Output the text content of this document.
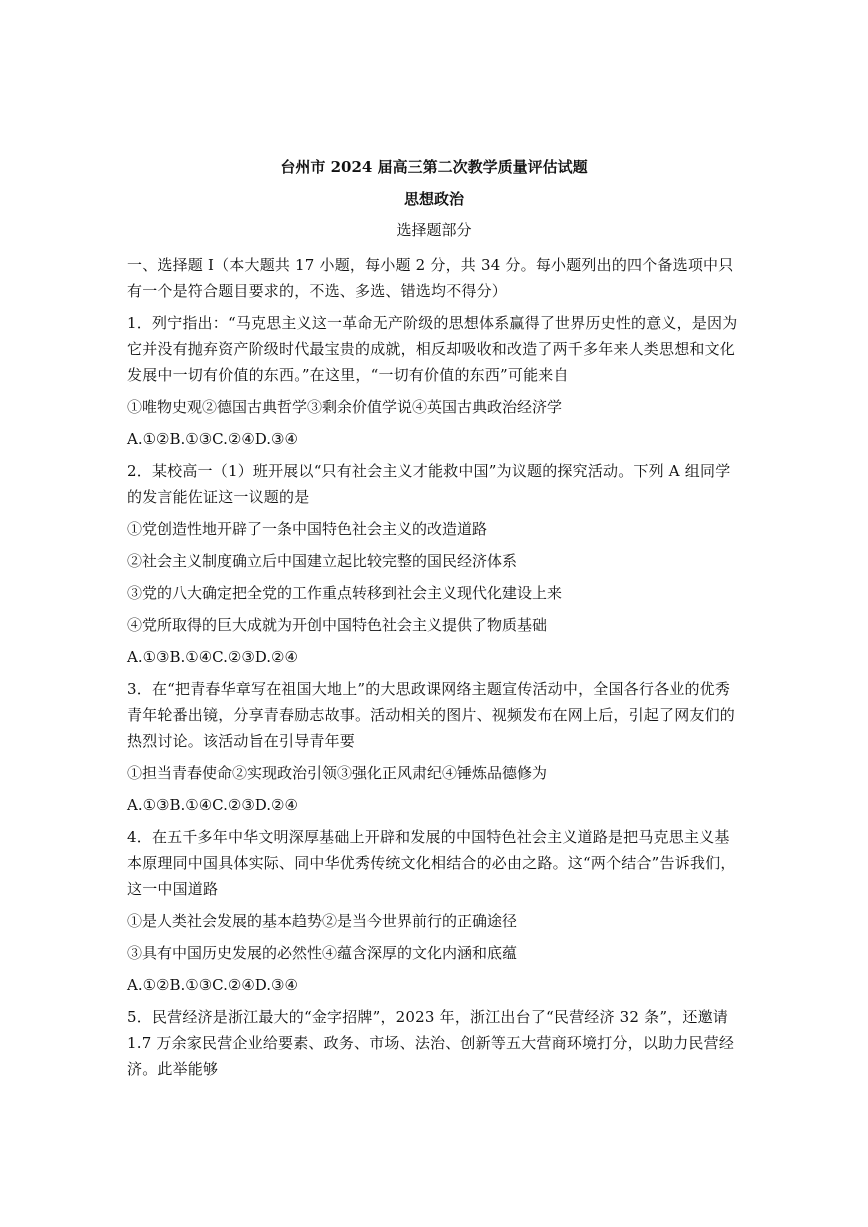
台州市 2024 届高三第二次教学质量评估试题
思想政治
选择题部分

一、选择题 I（本大题共 17 小题，每小题 2 分，共 34 分。每小题列出的四个备选项中只有一个是符合题目要求的，不选、多选、错选均不得分）

1．列宁指出：“马克思主义这一革命无产阶级的思想体系赢得了世界历史性的意义，是因为它并没有抛弃资产阶级时代最宝贵的成就，相反却吸收和改造了两千多年来人类思想和文化发展中一切有价值的东西。”在这里，“一切有价值的东西”可能来自

①唯物史观②德国古典哲学③剩余价值学说④英国古典政治经济学

A.①②B.①③C.②④D.③④

2．某校高一（1）班开展以“只有社会主义才能救中国”为议题的探究活动。下列 A 组同学的发言能佐证这一议题的是

①党创造性地开辟了一条中国特色社会主义的改造道路

②社会主义制度确立后中国建立起比较完整的国民经济体系

③党的八大确定把全党的工作重点转移到社会主义现代化建设上来

④党所取得的巨大成就为开创中国特色社会主义提供了物质基础

A.①③B.①④C.②③D.②④

3．在“把青春华章写在祖国大地上”的大思政课网络主题宣传活动中，全国各行各业的优秀青年轮番出镜，分享青春励志故事。活动相关的图片、视频发布在网上后，引起了网友们的热烈讨论。该活动旨在引导青年要

①担当青春使命②实现政治引领③强化正风肃纪④锤炼品德修为

A.①③B.①④C.②③D.②④

4．在五千多年中华文明深厚基础上开辟和发展的中国特色社会主义道路是把马克思主义基本原理同中国具体实际、同中华优秀传统文化相结合的必由之路。这“两个结合”告诉我们，这一中国道路

①是人类社会发展的基本趋势②是当今世界前行的正确途径

③具有中国历史发展的必然性④蕴含深厚的文化内涵和底蕴

A.①②B.①③C.②④D.③④

5．民营经济是浙江最大的“金字招牌”，2023 年，浙江出台了“民营经济 32 条”，还邀请 1.7 万余家民营企业给要素、政务、市场、法治、创新等五大营商环境打分，以助力民营经济。此举能够
